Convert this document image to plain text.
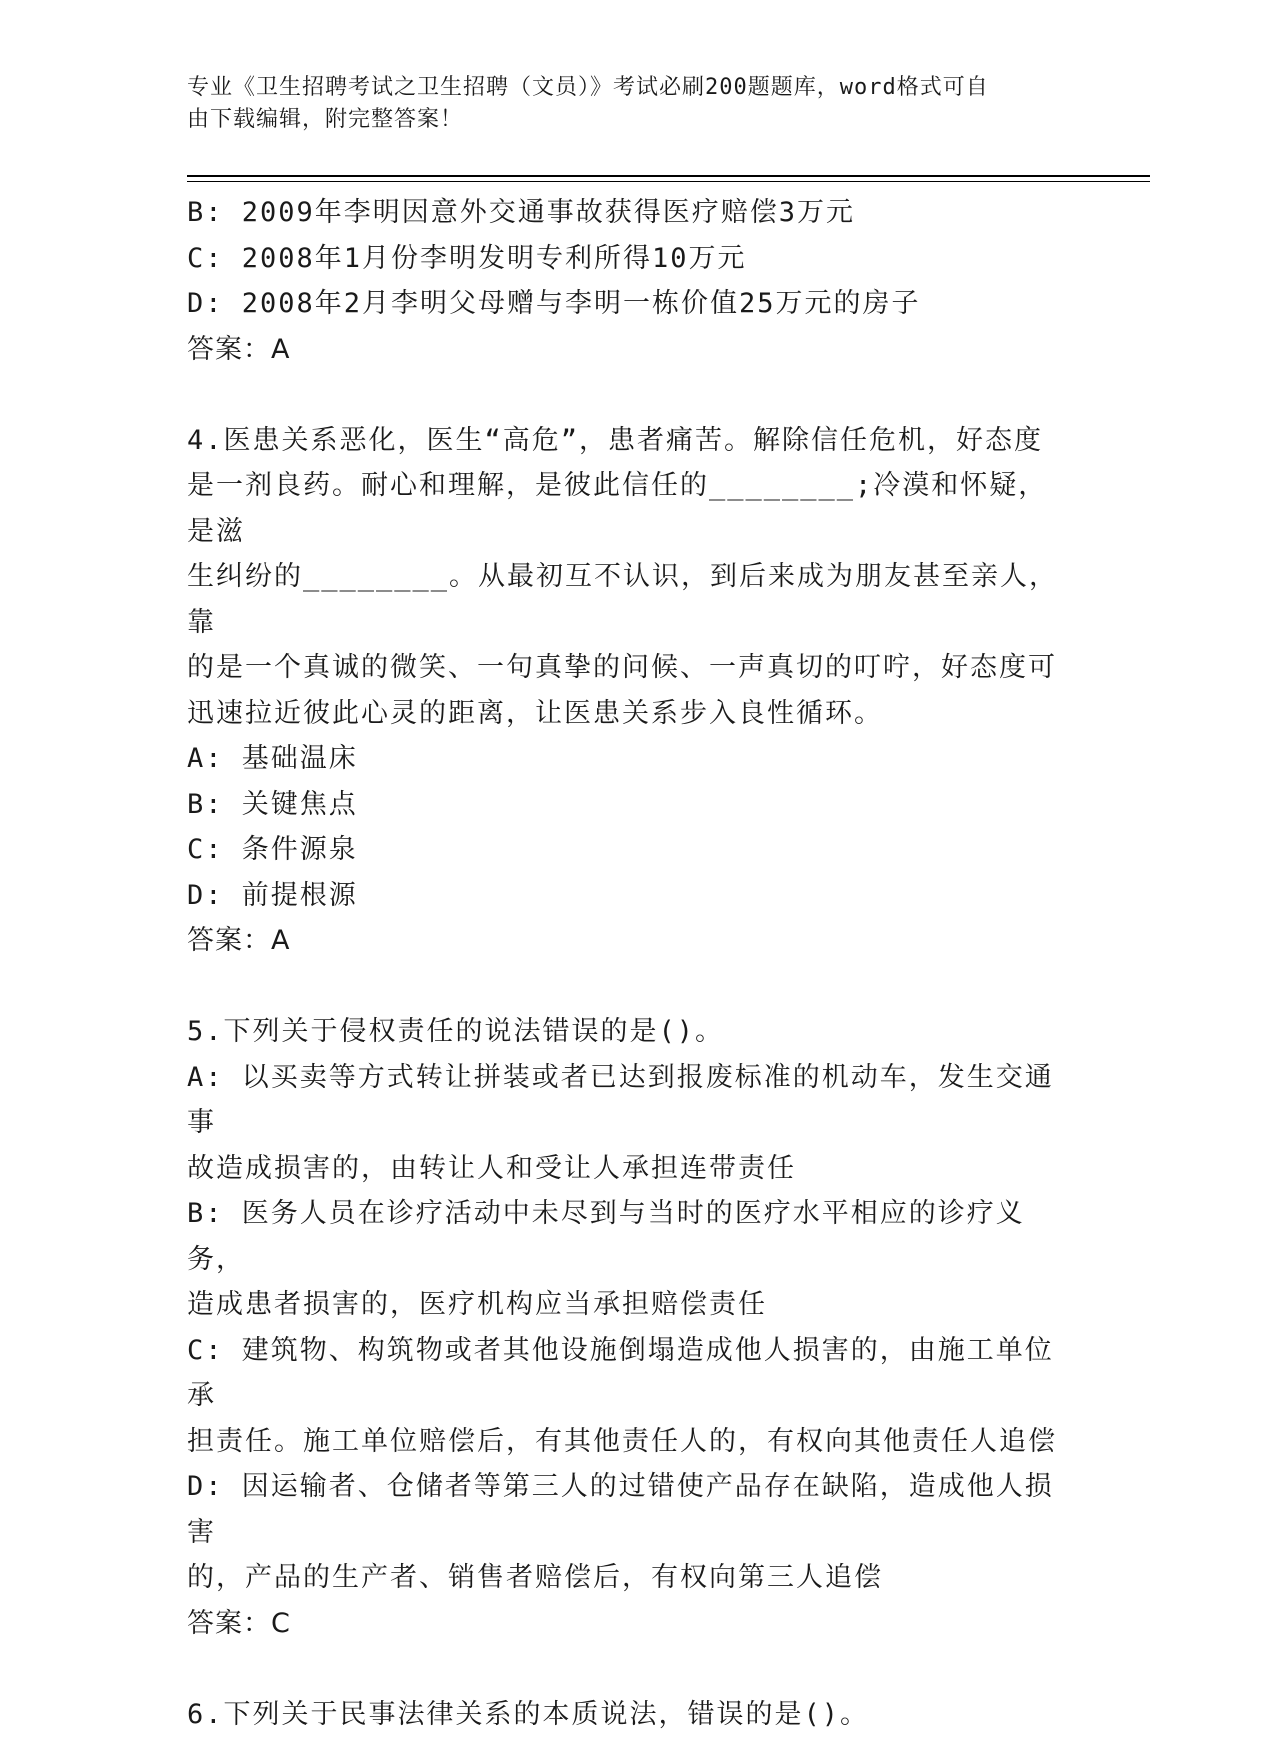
专业《卫生招聘考试之卫生招聘（文员）》考试必刷200题题库，word格式可自
由下载编辑，附完整答案！
B: 2009年李明因意外交通事故获得医疗赔偿3万元
C: 2008年1月份李明发明专利所得10万元
D: 2008年2月李明父母赠与李明一栋价值25万元的房子
答案：A
4.医患关系恶化，医生“高危”，患者痛苦。解除信任危机，好态度
是一剂良药。耐心和理解，是彼此信任的________;冷漠和怀疑，是滋
生纠纷的________。从最初互不认识，到后来成为朋友甚至亲人，靠
的是一个真诚的微笑、一句真挚的问候、一声真切的叮咛，好态度可
迅速拉近彼此心灵的距离，让医患关系步入良性循环。
A: 基础温床
B: 关键焦点
C: 条件源泉
D: 前提根源
答案：A
5.下列关于侵权责任的说法错误的是()。
A: 以买卖等方式转让拼装或者已达到报废标准的机动车，发生交通事
故造成损害的，由转让人和受让人承担连带责任
B: 医务人员在诊疗活动中未尽到与当时的医疗水平相应的诊疗义务，
造成患者损害的，医疗机构应当承担赔偿责任
C: 建筑物、构筑物或者其他设施倒塌造成他人损害的，由施工单位承
担责任。施工单位赔偿后，有其他责任人的，有权向其他责任人追偿
D: 因运输者、仓储者等第三人的过错使产品存在缺陷，造成他人损害
的，产品的生产者、销售者赔偿后，有权向第三人追偿
答案：C
6.下列关于民事法律关系的本质说法，错误的是()。
